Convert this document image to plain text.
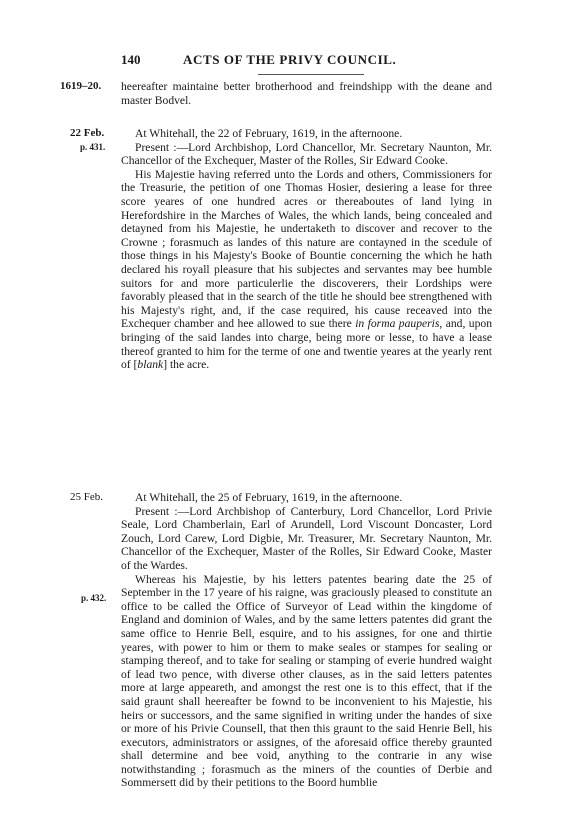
140	ACTS OF THE PRIVY COUNCIL.
1619–20.
22 Feb.
p. 431.
25 Feb.
p. 432.

heereafter maintaine better brotherhood and freindshipp with the deane and master Bodvel.

At Whitehall, the 22 of February, 1619, in the afternoone.

Present :—Lord Archbishop, Lord Chancellor, Mr. Secretary Naunton, Mr. Chancellor of the Exchequer, Master of the Rolles, Sir Edward Cooke.

His Majestie having referred unto the Lords and others, Commissioners for the Treasurie, the petition of one Thomas Hosier, desiering a lease for three score yeares of one hundred acres or thereaboutes of land lying in Herefordshire in the Marches of Wales, the which lands, being concealed and detayned from his Majestie, he undertaketh to discover and recover to the Crowne ; forasmuch as landes of this nature are contayned in the scedule of those things in his Majesty's Booke of Bountie concerning the which he hath declared his royall pleasure that his subjectes and servantes may bee humble suitors for and more particulerlie the discoverers, their Lordships were favorably pleased that in the search of the title he should bee strengthened with his Majesty's right, and, if the case required, his cause receaved into the Exchequer chamber and hee allowed to sue there in forma pauperis, and, upon bringing of the said landes into charge, being more or lesse, to have a lease thereof granted to him for the terme of one and twentie yeares at the yearly rent of [blank] the acre.

At Whitehall, the 25 of February, 1619, in the afternoone.

Present :—Lord Archbishop of Canterbury, Lord Chancellor, Lord Privie Seale, Lord Chamberlain, Earl of Arundell, Lord Viscount Doncaster, Lord Zouch, Lord Carew, Lord Digbie, Mr. Treasurer, Mr. Secretary Naunton, Mr. Chancellor of the Exchequer, Master of the Rolles, Sir Edward Cooke, Master of the Wardes.

Whereas his Majestie, by his letters patentes bearing date the 25 of September in the 17 yeare of his raigne, was graciously pleased to constitute an office to be called the Office of Surveyor of Lead within the kingdome of England and dominion of Wales, and by the same letters patentes did grant the same office to Henrie Bell, esquire, and to his assignes, for one and thirtie yeares, with power to him or them to make seales or stampes for sealing or stamping thereof, and to take for sealing or stamping of everie hundred waight of lead two pence, with diverse other clauses, as in the said letters patentes more at large appeareth, and amongst the rest one is to this effect, that if the said graunt shall heereafter be fownd to be inconvenient to his Majestie, his heirs or successors, and the same signified in writing under the handes of sixe or more of his Privie Counsell, that then this graunt to the said Henrie Bell, his executors, administrators or assignes, of the aforesaid office thereby graunted shall determine and bee void, anything to the contrarie in any wise notwithstanding ; forasmuch as the miners of the counties of Derbie and Sommersett did by their petitions to the Boord humblie
